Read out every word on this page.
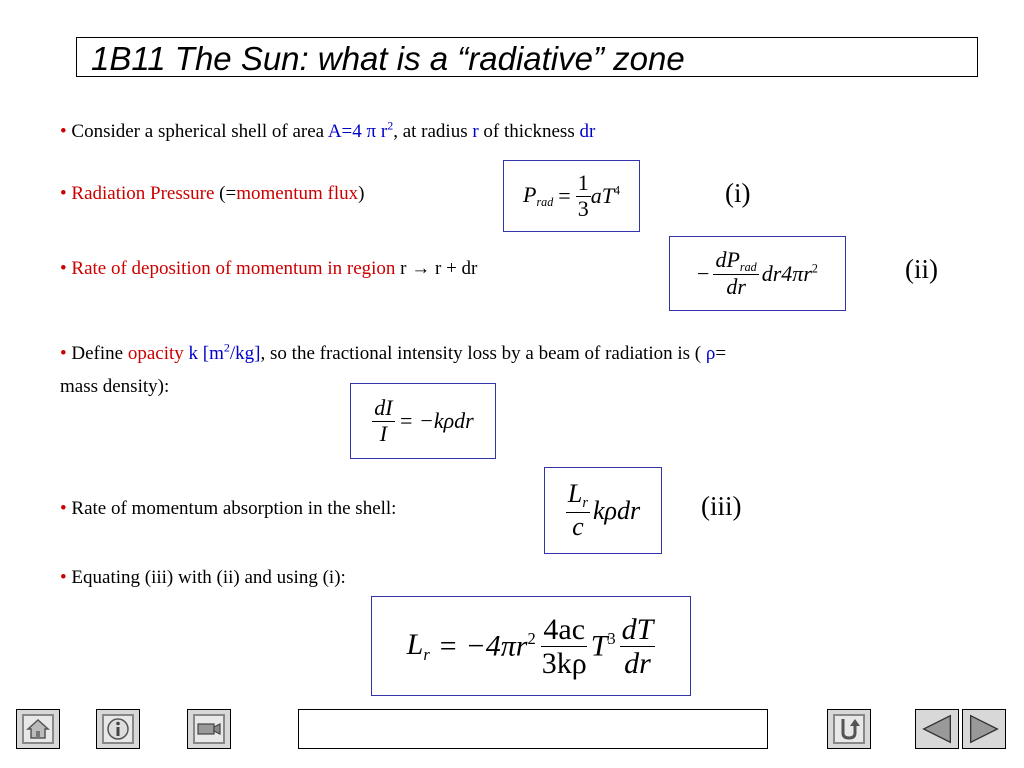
1B11 The Sun: what is a “radiative” zone
• Consider a spherical shell of area A=4 π $r^2$, at radius r of thickness dr
• Radiation Pressure (=momentum flux)	$P_{rad} = \frac{1}{3} aT^4$	(i)
• Rate of deposition of momentum in region r → r + dr	− $\frac{dP_{rad}}{dr} dr4\pi r^2$	(ii)
• Define opacity k $[m^2/kg]$, so the fractional intensity loss by a beam of radiation is ( ρ=
mass density):
$\frac{dI}{I} = -k\rho dr$
• Rate of momentum absorption in the shell:	$\frac{L_r}{c}$ kρdr (iii)
• Equating (iii) with (ii) and using (i):
$L_r = -4\pi r^2 \frac{4ac}{3k\rho} T^3 \frac{dT}{dr}$
